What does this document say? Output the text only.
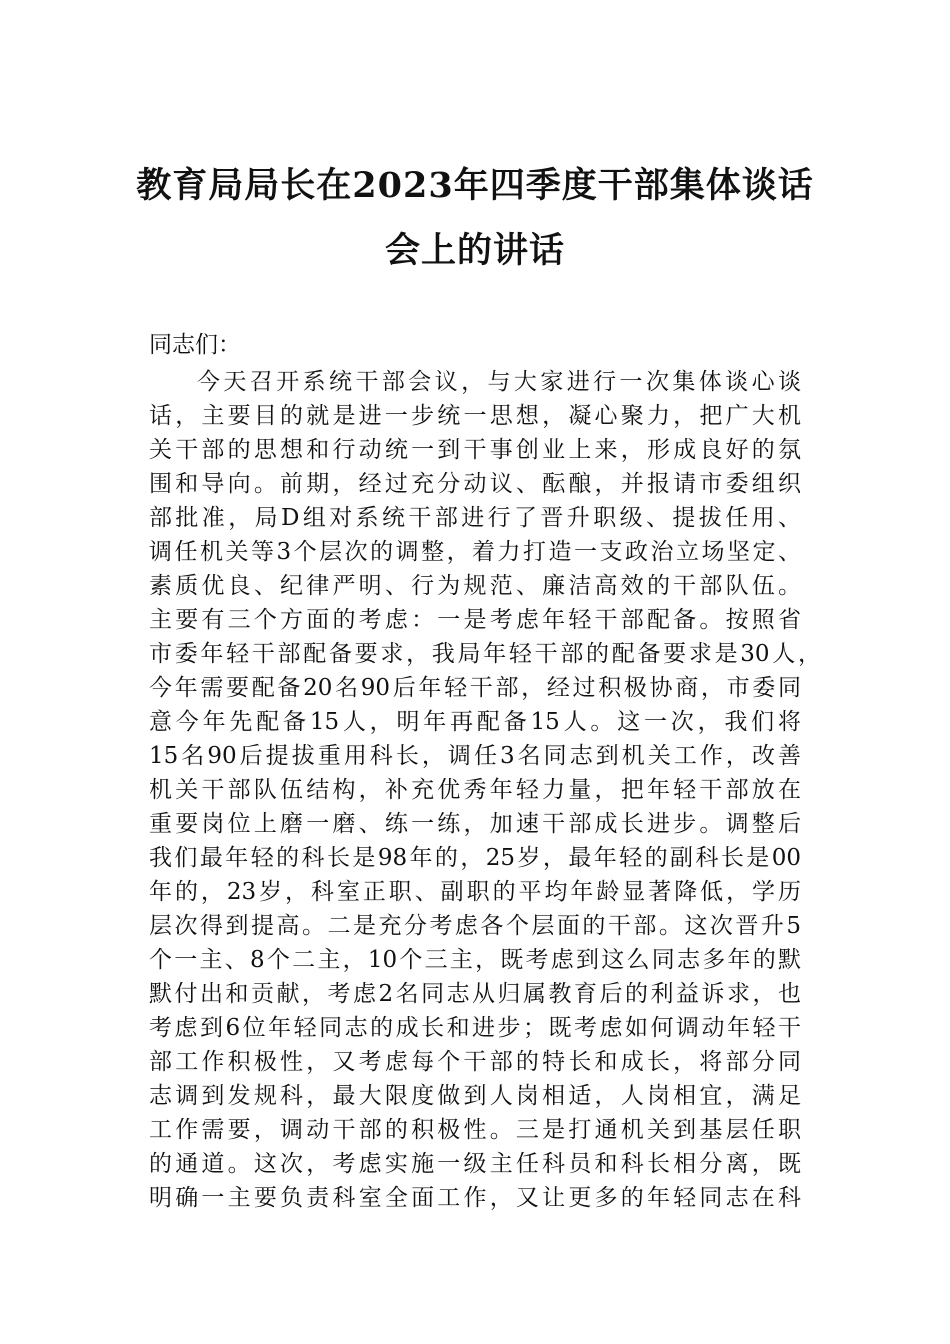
教育局局长在2023年四季度干部集体谈话
会上的讲话
同志们：
今天召开系统干部会议，与大家进行一次集体谈心谈
话，主要目的就是进一步统一思想，凝心聚力，把广大机
关干部的思想和行动统一到干事创业上来，形成良好的氛
围和导向。前期，经过充分动议、酝酿，并报请市委组织
部批准，局D组对系统干部进行了晋升职级、提拔任用、
调任机关等3个层次的调整，着力打造一支政治立场坚定、
素质优良、纪律严明、行为规范、廉洁高效的干部队伍。
主要有三个方面的考虑：一是考虑年轻干部配备。按照省
市委年轻干部配备要求，我局年轻干部的配备要求是30人，
今年需要配备20名90后年轻干部，经过积极协商，市委同
意今年先配备15人，明年再配备15人。这一次，我们将
15名90后提拔重用科长，调任3名同志到机关工作，改善
机关干部队伍结构，补充优秀年轻力量，把年轻干部放在
重要岗位上磨一磨、练一练，加速干部成长进步。调整后
我们最年轻的科长是98年的，25岁，最年轻的副科长是00
年的，23岁，科室正职、副职的平均年龄显著降低，学历
层次得到提高。二是充分考虑各个层面的干部。这次晋升5
个一主、8个二主，10个三主，既考虑到这么同志多年的默
默付出和贡献，考虑2名同志从归属教育后的利益诉求，也
考虑到6位年轻同志的成长和进步；既考虑如何调动年轻干
部工作积极性，又考虑每个干部的特长和成长，将部分同
志调到发规科，最大限度做到人岗相适，人岗相宜，满足
工作需要，调动干部的积极性。三是打通机关到基层任职
的通道。这次，考虑实施一级主任科员和科长相分离，既
明确一主要负责科室全面工作，又让更多的年轻同志在科
